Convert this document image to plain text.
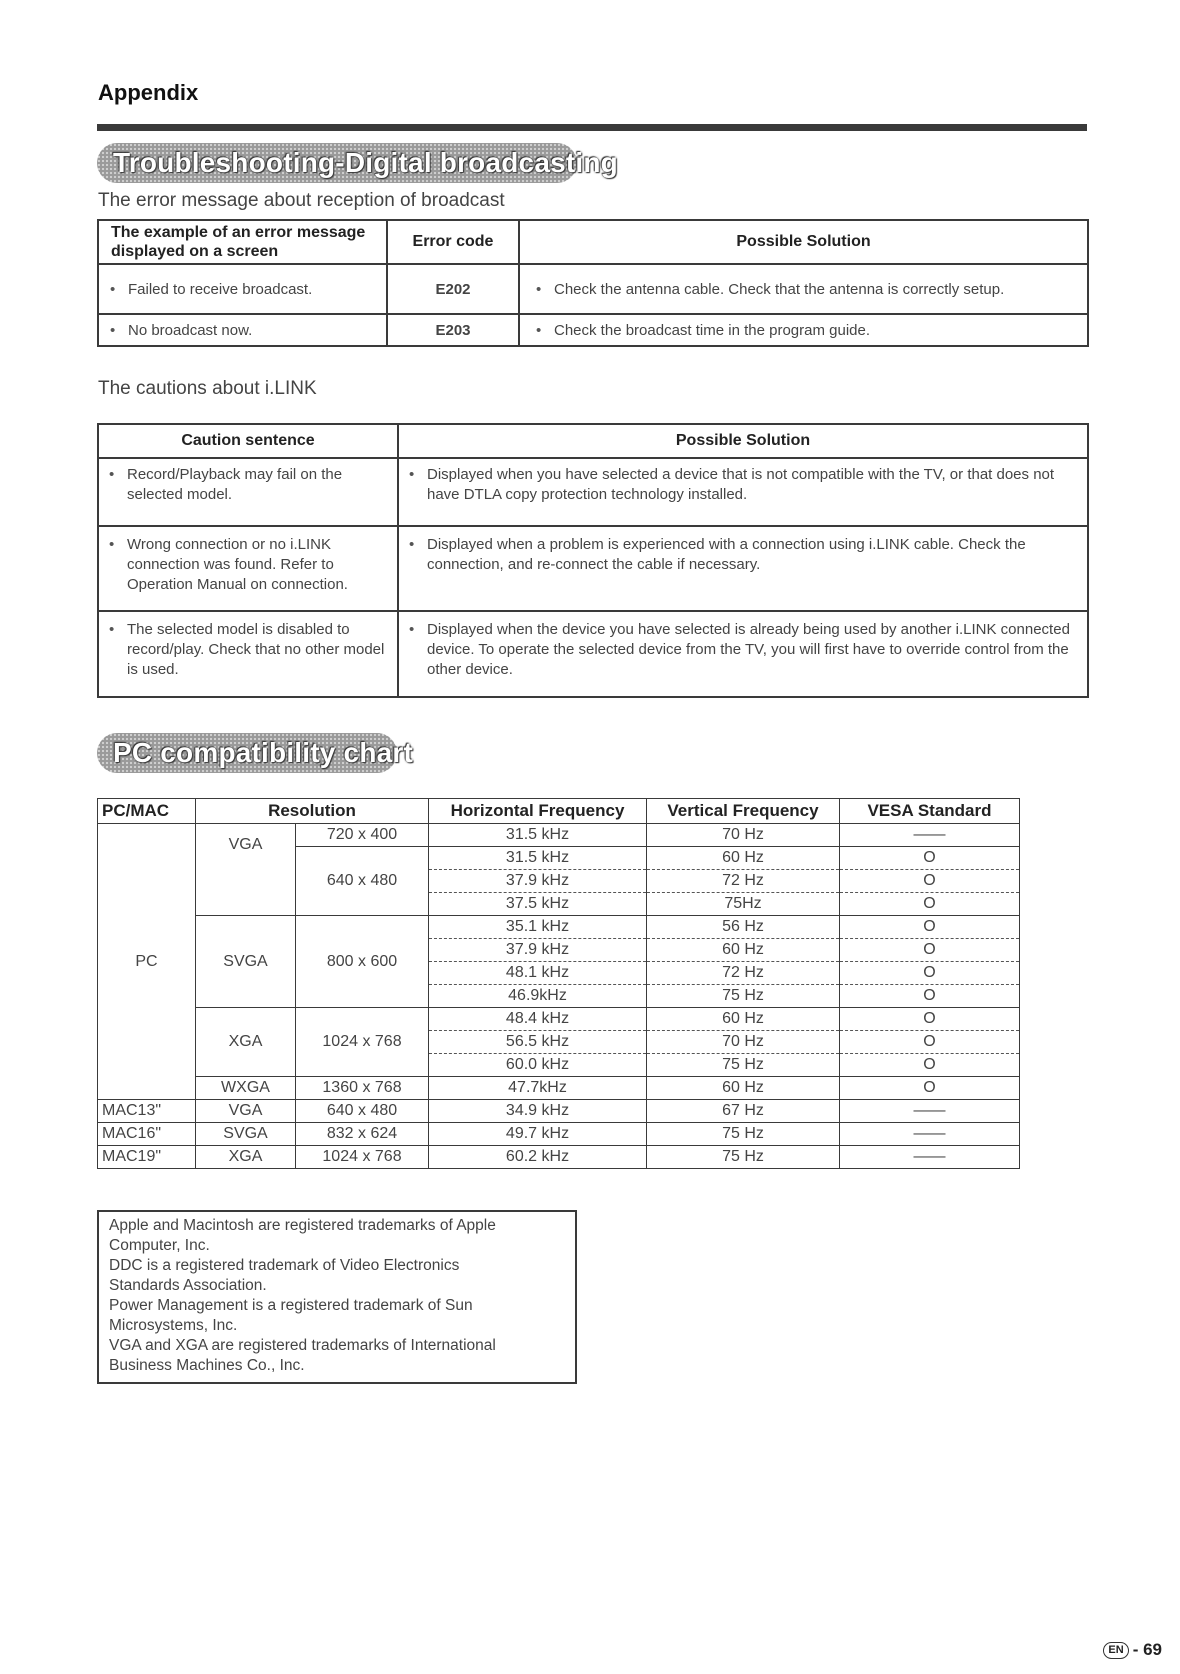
Appendix
Troubleshooting-Digital broadcasting
The error message about reception of broadcast
The example of an error message displayed on a screen	Error code	Possible Solution

• Failed to receive broadcast.	E202	• Check the antenna cable. Check that the antenna is correctly setup.

• No broadcast now.	E203	• Check the broadcast time in the program guide.
The cautions about i.LINK
Caution sentence	Possible Solution

• Record/Playback may fail on the selected model.	• Displayed when you have selected a device that is not compatible with the TV, or that does not have DTLA copy protection technology installed.

• Wrong connection or no i.LINK connection was found. Refer to Operation Manual on connection.	• Displayed when a problem is experienced with a connection using i.LINK cable. Check the connection, and re-connect the cable if necessary.

• The selected model is disabled to record/play. Check that no other model is used.	• Displayed when the device you have selected is already being used by another i.LINK connected device. To operate the selected device from the TV, you will first have to override control from the other device.
PC compatibility chart
PC/MAC	Resolution		Horizontal Frequency	Vertical Frequency	VESA Standard
PC	VGA	720 x 400	31.5 kHz	70 Hz	——
		640 x 480	31.5 kHz	60 Hz	O
			37.9 kHz	72 Hz	O
			37.5 kHz	75Hz	O
	SVGA	800 x 600	35.1 kHz	56 Hz	O
			37.9 kHz	60 Hz	O
			48.1 kHz	72 Hz	O
			46.9kHz	75 Hz	O
	XGA	1024 x 768	48.4 kHz	60 Hz	O
			56.5 kHz	70 Hz	O
			60.0 kHz	75 Hz	O
	WXGA	1360 x 768	47.7kHz	60 Hz	O
MAC13"	VGA	640 x 480	34.9 kHz	67 Hz	——
MAC16"	SVGA	832 x 624	49.7 kHz	75 Hz	——
MAC19"	XGA	1024 x 768	60.2 kHz	75 Hz	——
Apple and Macintosh are registered trademarks of Apple
Computer, Inc.
DDC is a registered trademark of Video Electronics
Standards Association.
Power Management is a registered trademark of Sun
Microsystems, Inc.
VGA and XGA are registered trademarks of International
Business Machines Co., Inc.
EN - 69
